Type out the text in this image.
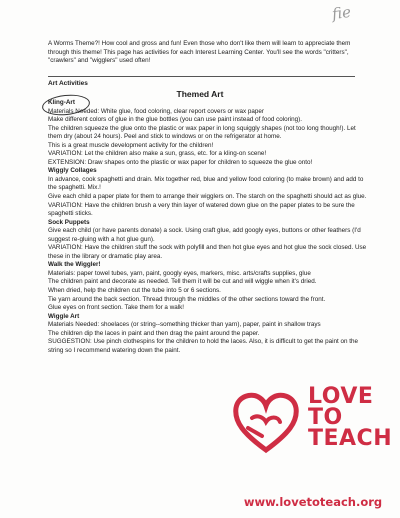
fie
A Worms Theme?! How cool and gross and fun! Even those who don't like them will learn to appreciate them through this theme! This page has activities for each Interest Learning Center. You'll see the words "critters", "crawlers" and "wigglers" used often!
Art Activities
Themed Art

Kling-Art

Materials Needed: White glue, food coloring, clear report covers or wax paper

Make different colors of glue in the glue bottles (you can use paint instead of food coloring).

The children squeeze the glue onto the plastic or wax paper in long squiggly shapes (not too long though!). Let them dry (about 24 hours). Peel and stick to windows or on the refrigerator at home.

This is a great muscle development activity for the children!

VARIATION: Let the children also make a sun, grass, etc. for a kling-on scene!

EXTENSION: Draw shapes onto the plastic or wax paper for children to squeeze the glue onto!

Wiggly Collages

In advance, cook spaghetti and drain. Mix together red, blue and yellow food coloring (to make brown) and add to the spaghetti. Mix.!

Give each child a paper plate for them to arrange their wigglers on. The starch on the spaghetti should act as glue.

VARIATION: Have the children brush a very thin layer of watered down glue on the paper plates to be sure the spaghetti sticks.

Sock Puppets

Give each child (or have parents donate) a sock. Using craft glue, add googly eyes, buttons or other feathers (I'd suggest re-gluing with a hot glue gun).

VARIATION: Have the children stuff the sock with polyfill and then hot glue eyes and hot glue the sock closed. Use these in the library or dramatic play area.

Walk the Wiggler!

Materials: paper towel tubes, yarn, paint, googly eyes, markers, misc. arts/crafts supplies, glue

The children paint and decorate as needed. Tell them it will be cut and will wiggle when it's dried.

When dried, help the children cut the tube into 5 or 6 sections.

Tie yarn around the back section. Thread through the middles of the other sections toward the front.

Glue eyes on front section. Take them for a walk!

Wiggle Art

Materials Needed: shoelaces (or string--something thicker than yarn), paper, paint in shallow trays

The children dip the laces in paint and then drag the paint around the paper.

SUGGESTION: Use pinch clothespins for the children to hold the laces. Also, it is difficult to get the paint on the string so I recommend watering down the paint.

LOVE
TO
TEACH
www.lovetoteach.org
